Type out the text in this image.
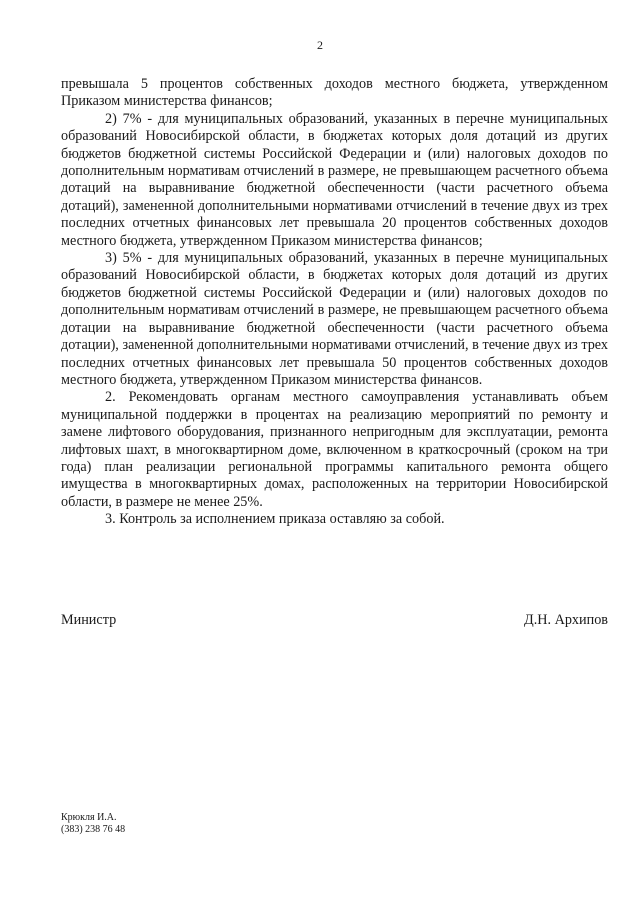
2

превышала 5 процентов собственных доходов местного бюджета, утвержденном Приказом министерства финансов;

2) 7% - для муниципальных образований, указанных в перечне муниципальных образований Новосибирской области, в бюджетах которых доля дотаций из других бюджетов бюджетной системы Российской Федерации и (или) налоговых доходов по дополнительным нормативам отчислений в размере, не превышающем расчетного объема дотаций на выравнивание бюджетной обеспеченности (части расчетного объема дотаций), замененной дополнительными нормативами отчислений в течение двух из трех последних отчетных финансовых лет превышала 20 процентов собственных доходов местного бюджета, утвержденном Приказом министерства финансов;

3) 5% - для муниципальных образований, указанных в перечне муниципальных образований Новосибирской области, в бюджетах которых доля дотаций из других бюджетов бюджетной системы Российской Федерации и (или) налоговых доходов по дополнительным нормативам отчислений в размере, не превышающем расчетного объема дотации на выравнивание бюджетной обеспеченности (части расчетного объема дотации), замененной дополнительными нормативами отчислений, в течение двух из трех последних отчетных финансовых лет превышала 50 процентов собственных доходов местного бюджета, утвержденном Приказом министерства финансов.

2. Рекомендовать органам местного самоуправления устанавливать объем муниципальной поддержки в процентах на реализацию мероприятий по ремонту и замене лифтового оборудования, признанного непригодным для эксплуатации, ремонта лифтовых шахт, в многоквартирном доме, включенном в краткосрочный (сроком на три года) план реализации региональной программы капитального ремонта общего имущества в многоквартирных домах, расположенных на территории Новосибирской области, в размере не менее 25%.

3. Контроль за исполнением приказа оставляю за собой.

Министр	Д.Н. Архипов
Крюкля И.А.
(383) 238 76 48
